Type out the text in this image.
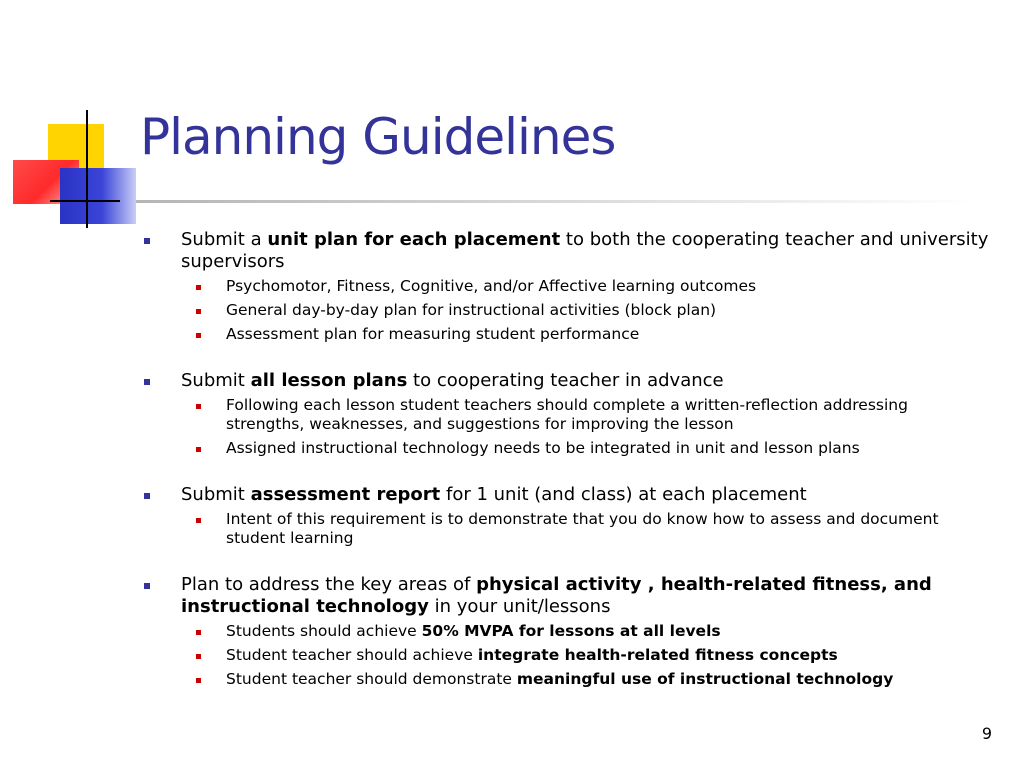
Planning Guidelines
Submit a unit plan for each placement to both the cooperating teacher and university supervisors
Psychomotor, Fitness, Cognitive, and/or Affective learning outcomes
General day-by-day plan for instructional activities (block plan)
Assessment plan for measuring student performance
Submit all lesson plans to cooperating teacher in advance
Following each lesson student teachers should complete a written-reflection addressing strengths, weaknesses, and suggestions for improving the lesson
Assigned instructional technology needs to be integrated in unit and lesson plans
Submit assessment report for 1 unit (and class) at each placement
Intent of this requirement is to demonstrate that you do know how to assess and document student learning
Plan to address the key areas of physical activity , health-related fitness, and instructional technology in your unit/lessons
Students should achieve 50% MVPA for lessons at all levels
Student teacher should achieve integrate health-related fitness concepts
Student teacher should demonstrate meaningful use of instructional technology
9
